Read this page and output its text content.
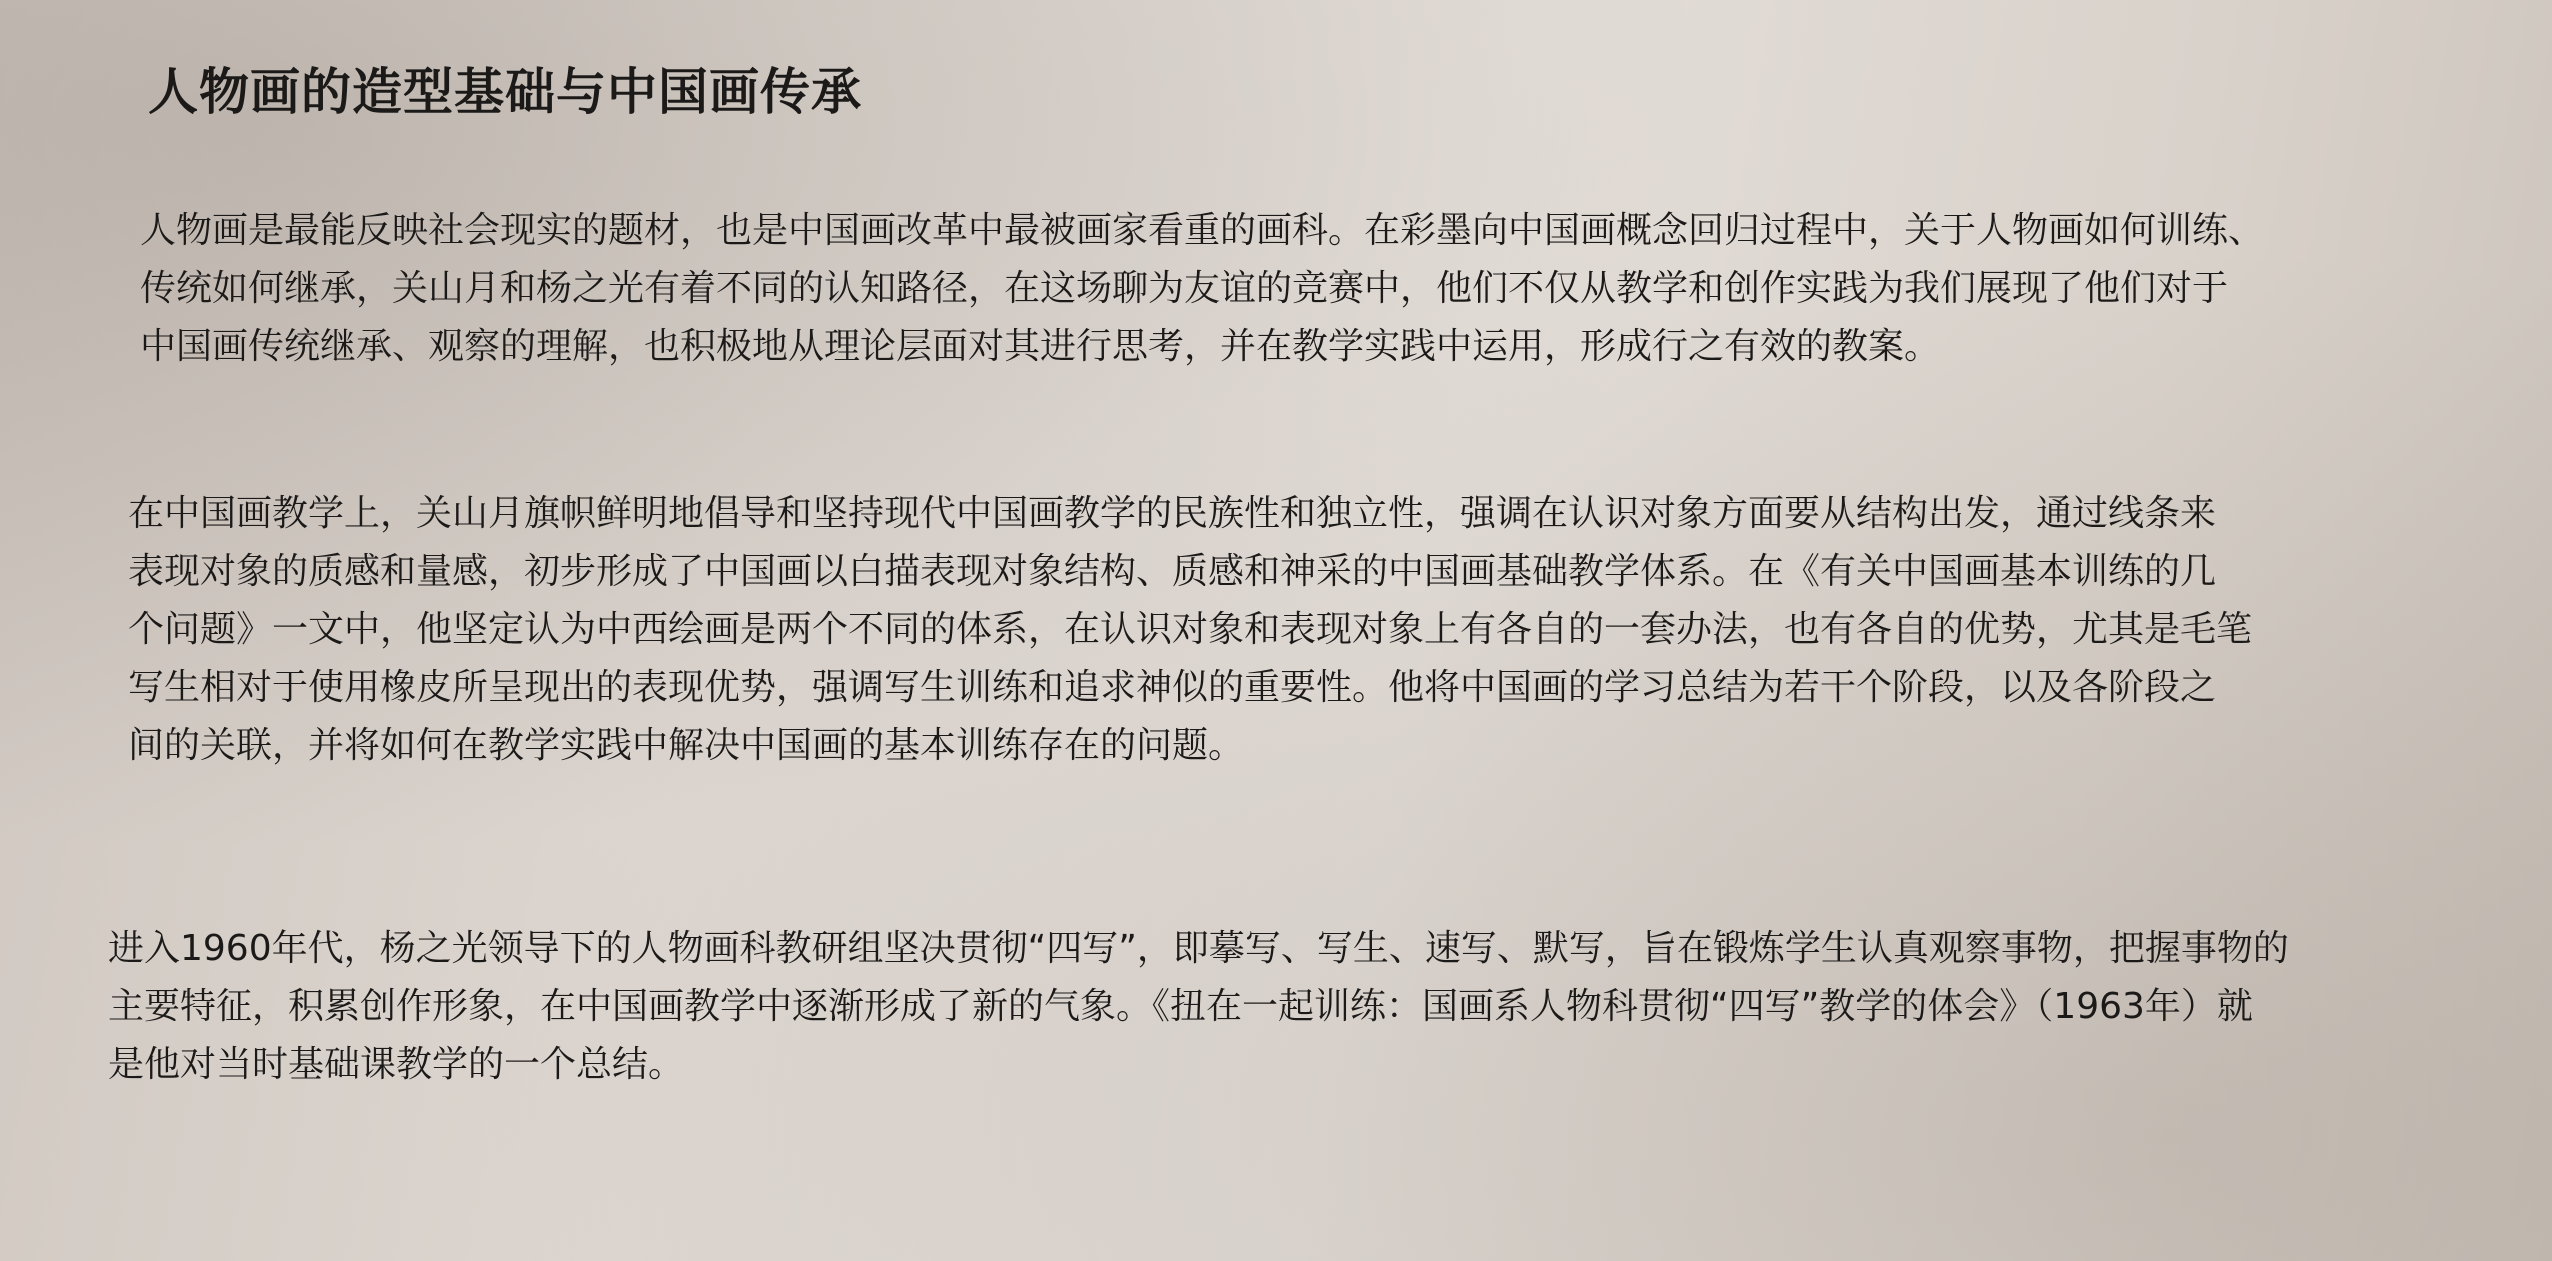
人物画的造型基础与中国画传承

人物画是最能反映社会现实的题材，也是中国画改革中最被画家看重的画科。在彩墨向中国画概念回归过程中，关于人物画如何训练、
传统如何继承，关山月和杨之光有着不同的认知路径，在这场聊为友谊的竞赛中，他们不仅从教学和创作实践为我们展现了他们对于
中国画传统继承、观察的理解，也积极地从理论层面对其进行思考，并在教学实践中运用，形成行之有效的教案。

在中国画教学上，关山月旗帜鲜明地倡导和坚持现代中国画教学的民族性和独立性，强调在认识对象方面要从结构出发，通过线条来
表现对象的质感和量感，初步形成了中国画以白描表现对象结构、质感和神采的中国画基础教学体系。在《有关中国画基本训练的几
个问题》一文中，他坚定认为中西绘画是两个不同的体系，在认识对象和表现对象上有各自的一套办法，也有各自的优势，尤其是毛笔
写生相对于使用橡皮所呈现出的表现优势，强调写生训练和追求神似的重要性。他将中国画的学习总结为若干个阶段，以及各阶段之
间的关联，并将如何在教学实践中解决中国画的基本训练存在的问题。

进入1960年代，杨之光领导下的人物画科教研组坚决贯彻“四写”，即摹写、写生、速写、默写，旨在锻炼学生认真观察事物，把握事物的
主要特征，积累创作形象，在中国画教学中逐渐形成了新的气象。《扭在一起训练：国画系人物科贯彻“四写”教学的体会》（1963年）就
是他对当时基础课教学的一个总结。
